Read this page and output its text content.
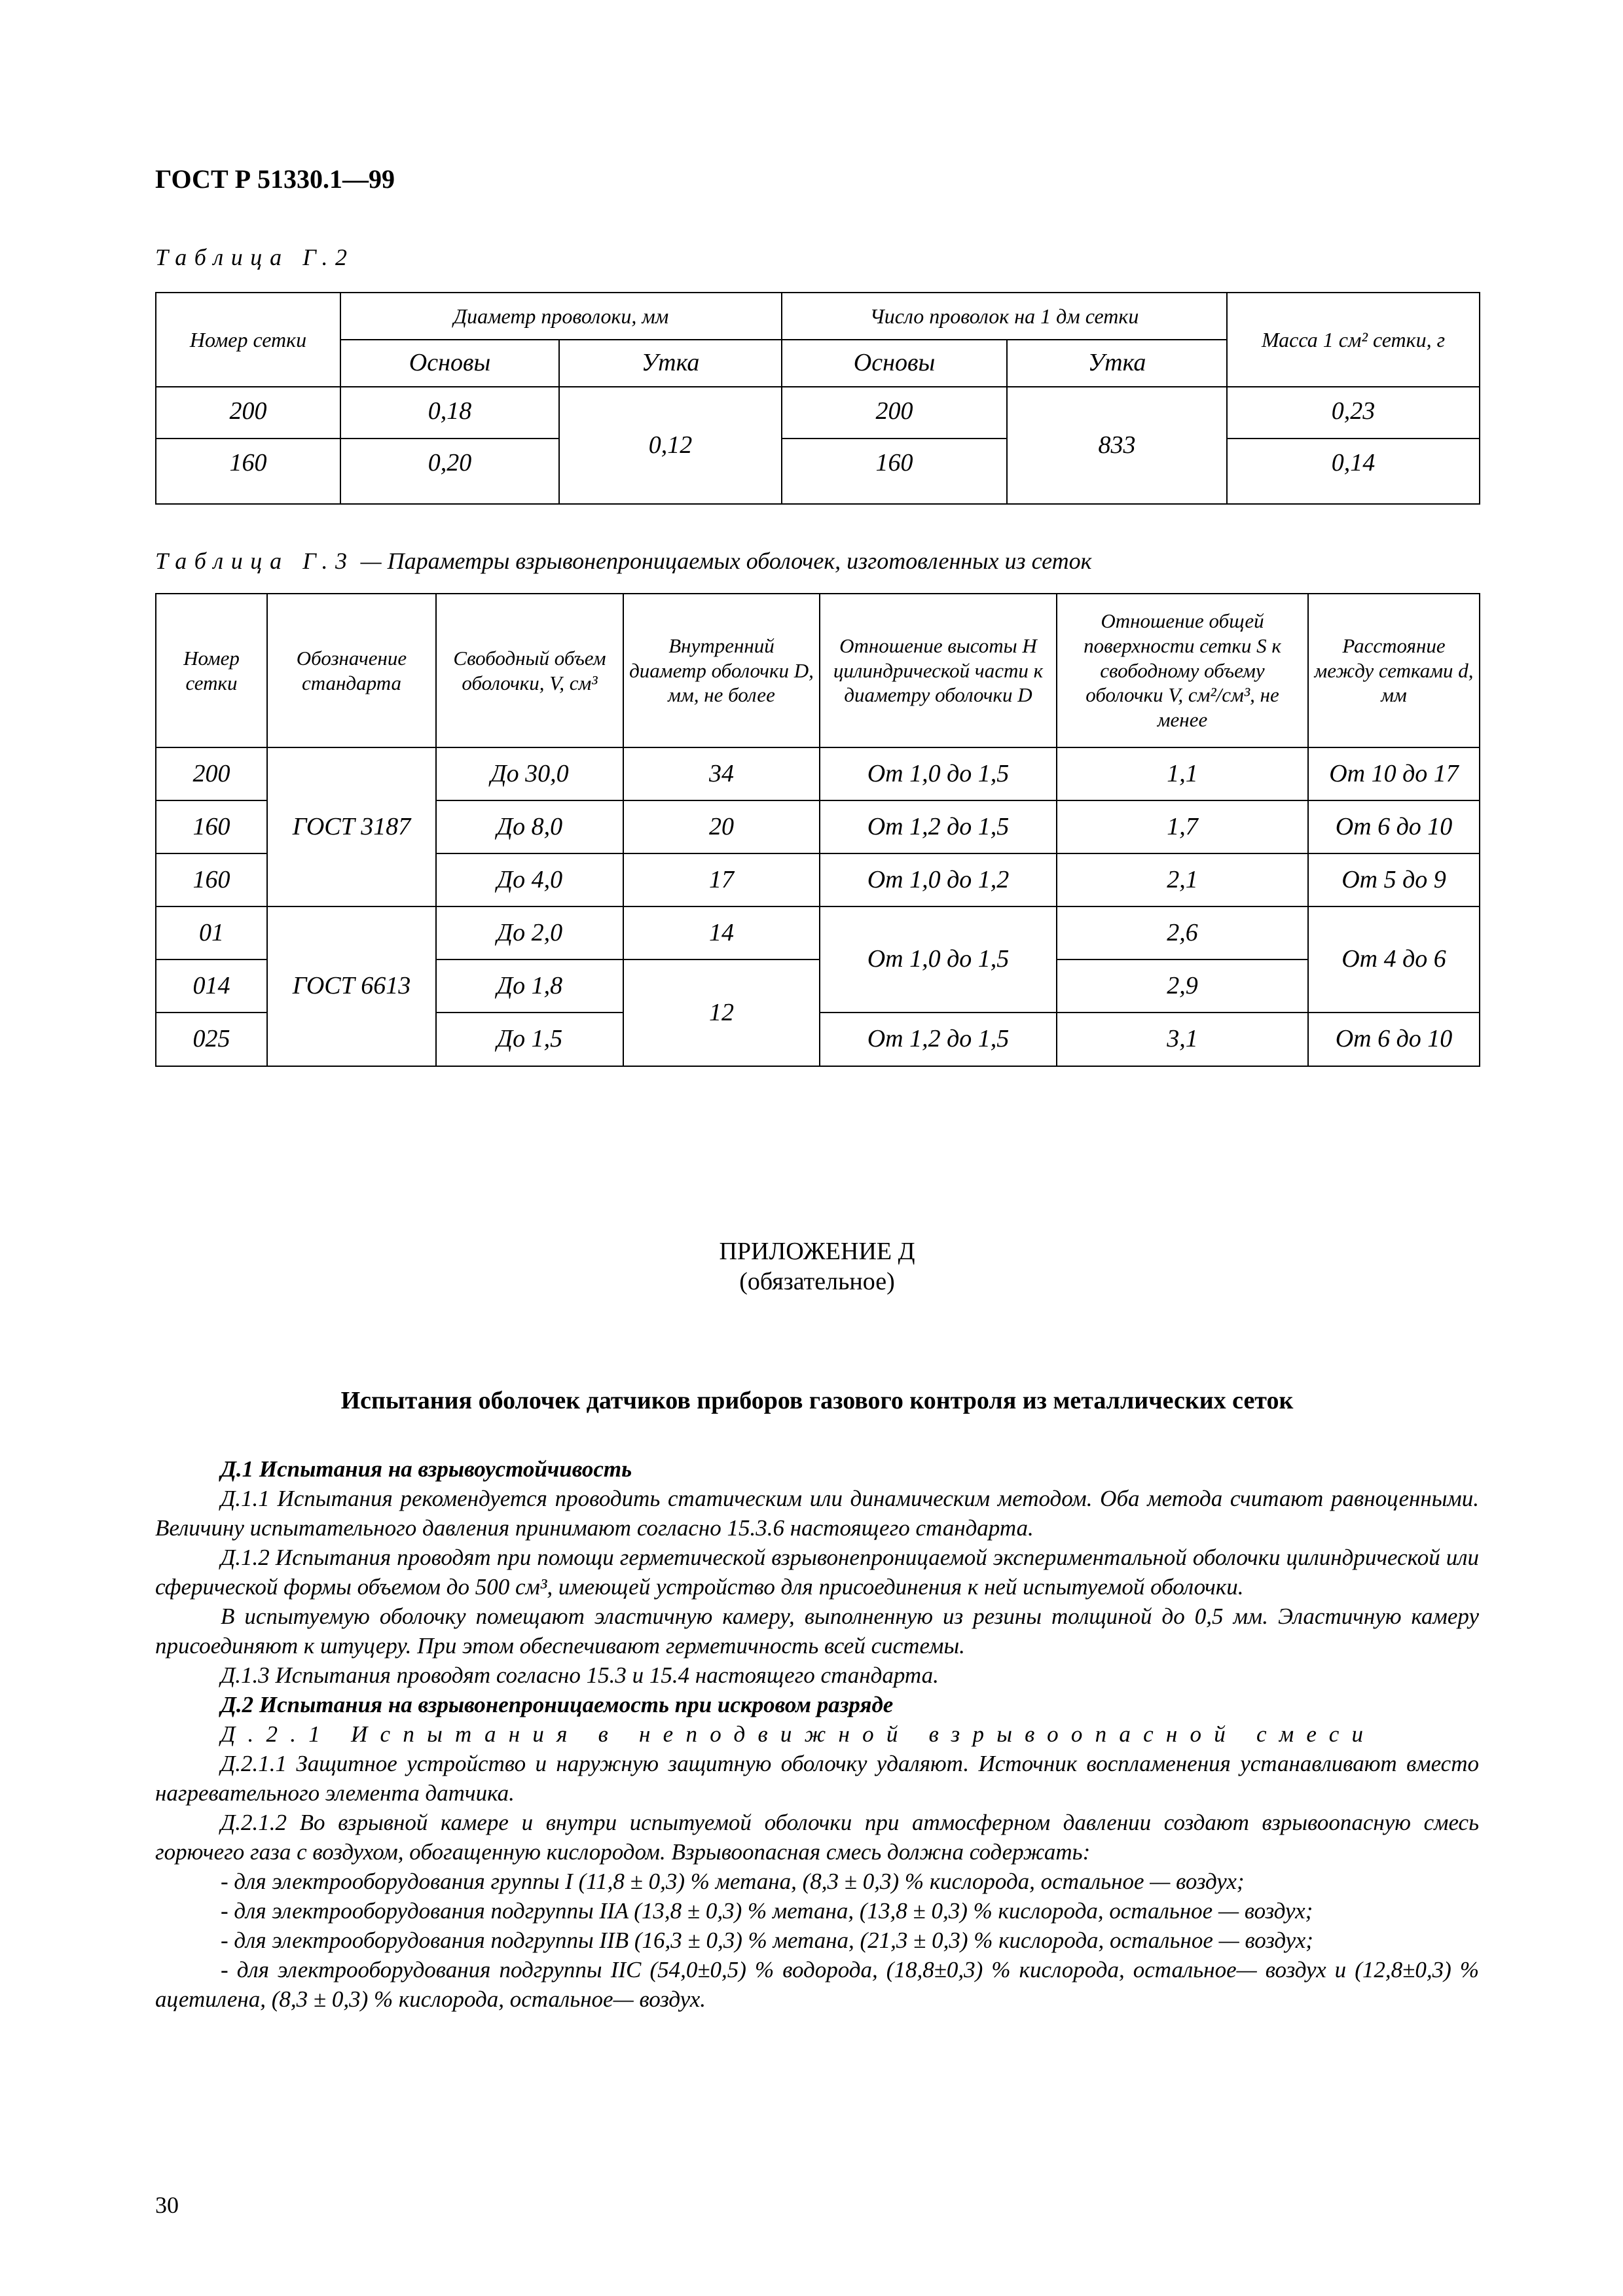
ГОСТ Р 51330.1—99
Таблица Г.2
Номер сетки	Диаметр проволоки, мм		Число проволок на 1 дм сетки		Масса 1 см² сетки, г
	Основы	Утка	Основы	Утка	
200	0,18	0,12	200	833	0,23
160	0,20		160		0,14
Таблица Г.3 — Параметры взрывонепроницаемых оболочек, изготовленных из сеток
Номер сетки	Обозначение стандарта	Свободный объем оболочки, V, см³	Внутренний диаметр оболочки D, мм, не более	Отношение высоты Н цилиндрической части к диаметру оболочки D	Отношение общей поверхности сетки S к свободному объему оболочки V, см²/см³, не менее	Расстояние между сетками d, мм
200	ГОСТ 3187	До 30,0	34	От 1,0 до 1,5	1,1	От 10 до 17
160		До 8,0	20	От 1,2 до 1,5	1,7	От 6 до 10
160		До 4,0	17	От 1,0 до 1,2	2,1	От 5 до 9
01	ГОСТ 6613	До 2,0	14	От 1,0 до 1,5	2,6	От 4 до 6
014		До 1,8	12		2,9	
025		До 1,5		От 1,2 до 1,5	3,1	От 6 до 10
ПРИЛОЖЕНИЕ Д
(обязательное)
Испытания оболочек датчиков приборов газового контроля из металлических сеток

Д.1 Испытания на взрывоустойчивость

Д.1.1 Испытания рекомендуется проводить статическим или динамическим методом. Оба метода считают равноценными. Величину испытательного давления принимают согласно 15.3.6 настоящего стандарта.

Д.1.2 Испытания проводят при помощи герметической взрывонепроницаемой экспериментальной оболочки цилиндрической или сферической формы объемом до 500 см³, имеющей устройство для присоединения к ней испытуемой оболочки.

В испытуемую оболочку помещают эластичную камеру, выполненную из резины толщиной до 0,5 мм. Эластичную камеру присоединяют к штуцеру. При этом обеспечивают герметичность всей системы.

Д.1.3 Испытания проводят согласно 15.3 и 15.4 настоящего стандарта.

Д.2 Испытания на взрывонепроницаемость при искровом разряде

Д.2.1 Испытания в неподвижной взрывоопасной смеси

Д.2.1.1 Защитное устройство и наружную защитную оболочку удаляют. Источник воспламенения устанавливают вместо нагревательного элемента датчика.

Д.2.1.2 Во взрывной камере и внутри испытуемой оболочки при атмосферном давлении создают взрывоопасную смесь горючего газа с воздухом, обогащенную кислородом. Взрывоопасная смесь должна содержать:

- для электрооборудования группы I (11,8 ± 0,3) % метана, (8,3 ± 0,3) % кислорода, остальное — воздух;

- для электрооборудования подгруппы IIA (13,8 ± 0,3) % метана, (13,8 ± 0,3) % кислорода, остальное — воздух;

- для электрооборудования подгруппы IIB (16,3 ± 0,3) % метана, (21,3 ± 0,3) % кислорода, остальное — воздух;

- для электрооборудования подгруппы IIC (54,0±0,5) % водорода, (18,8±0,3) % кислорода, остальное— воздух и (12,8±0,3) % ацетилена, (8,3 ± 0,3) % кислорода, остальное— воздух.

30
